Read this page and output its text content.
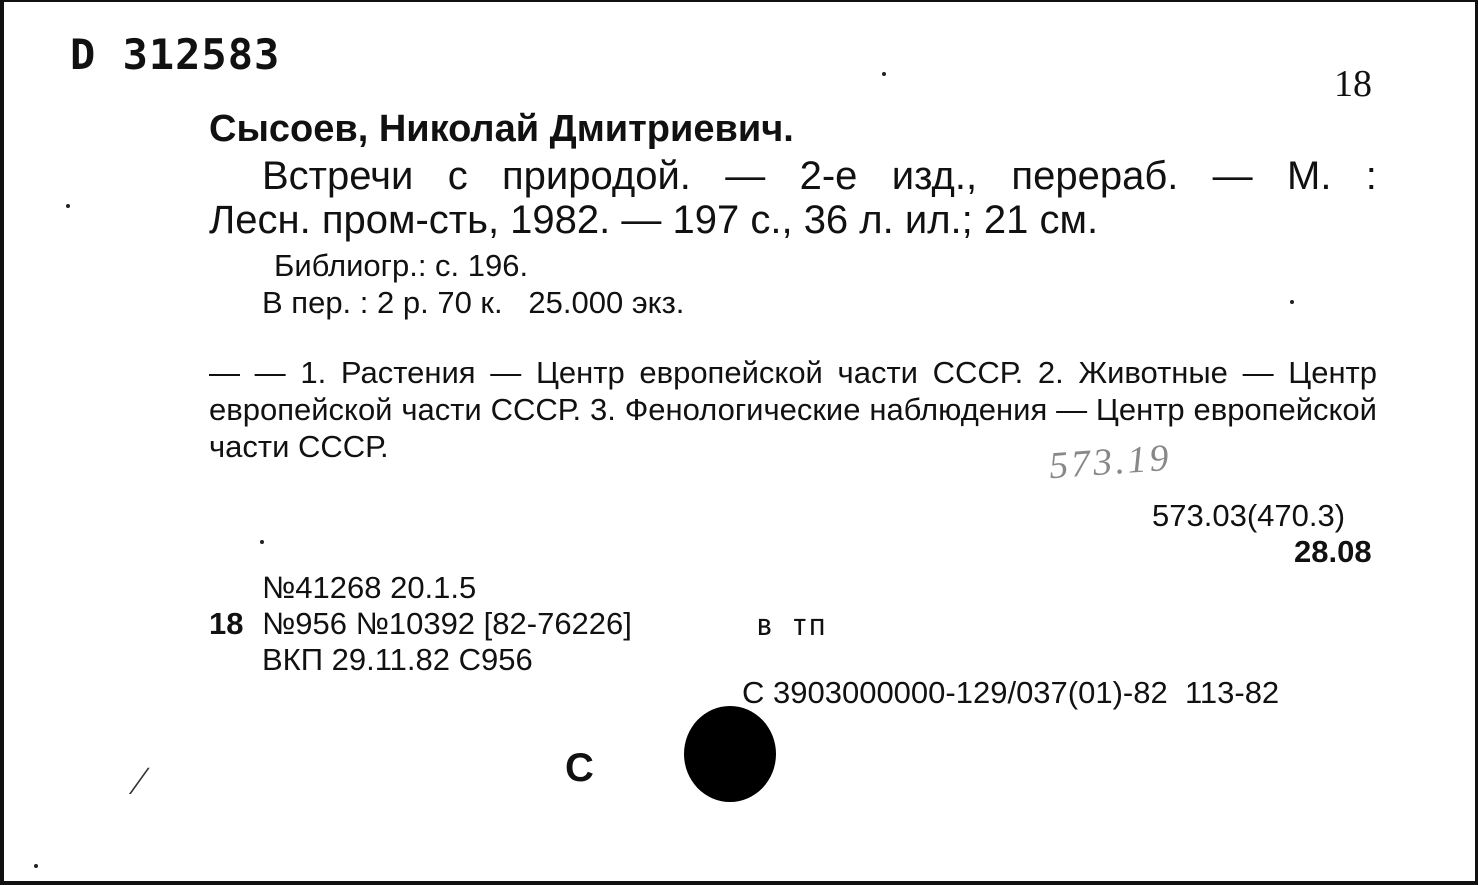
D 312583
18
Сысоев, Николай Дмитриевич.
Встречи с природой. — 2-е изд., перераб. — М. :
Лесн. пром-сть, 1982. — 197 с., 36 л. ил.; 21 см.
Библиогр.: с. 196.
В пер. : 2 р. 70 к.   25.000 экз.
— — 1. Растения — Центр европейской части СССР. 2. Животные — Центр европейской части СССР. 3. Фенологические наблюдения — Центр европейской части СССР.	573.19
573.03(470.3)
28.08
№41268 20.1.5
18 №956 №10392 [82-76226]	в тп
ВКП 29.11.82 С956
С 3903000000-129/037(01)-82  113-82
С
∕
